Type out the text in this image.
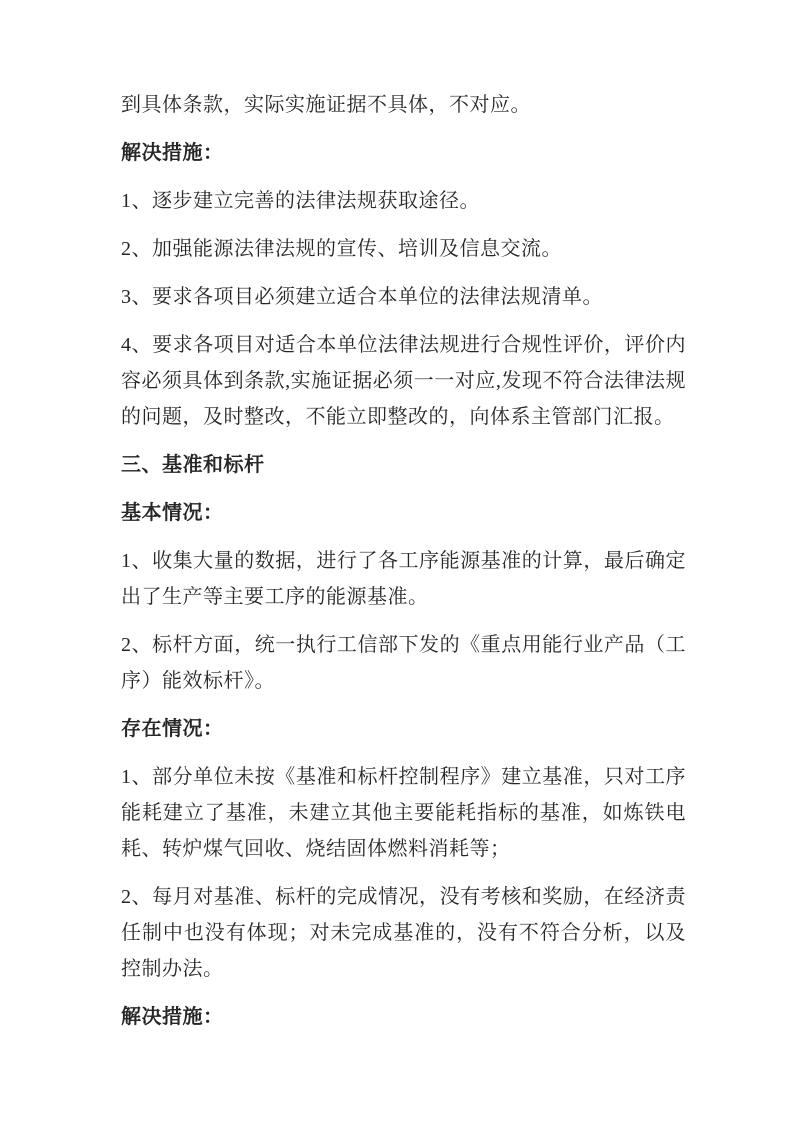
到具体条款，实际实施证据不具体，不对应。

解决措施：

1、逐步建立完善的法律法规获取途径。

2、加强能源法律法规的宣传、培训及信息交流。

3、要求各项目必须建立适合本单位的法律法规清单。

4、要求各项目对适合本单位法律法规进行合规性评价，评价内容必须具体到条款,实施证据必须一一对应,发现不符合法律法规的问题，及时整改，不能立即整改的，向体系主管部门汇报。

三、基准和标杆

基本情况：

1、收集大量的数据，进行了各工序能源基准的计算，最后确定出了生产等主要工序的能源基准。

2、标杆方面，统一执行工信部下发的《重点用能行业产品（工序）能效标杆》。

存在情况：

1、部分单位未按《基准和标杆控制程序》建立基准，只对工序能耗建立了基准，未建立其他主要能耗指标的基准，如炼铁电耗、转炉煤气回收、烧结固体燃料消耗等；

2、每月对基准、标杆的完成情况，没有考核和奖励，在经济责任制中也没有体现；对未完成基准的，没有不符合分析，以及控制办法。

解决措施：
